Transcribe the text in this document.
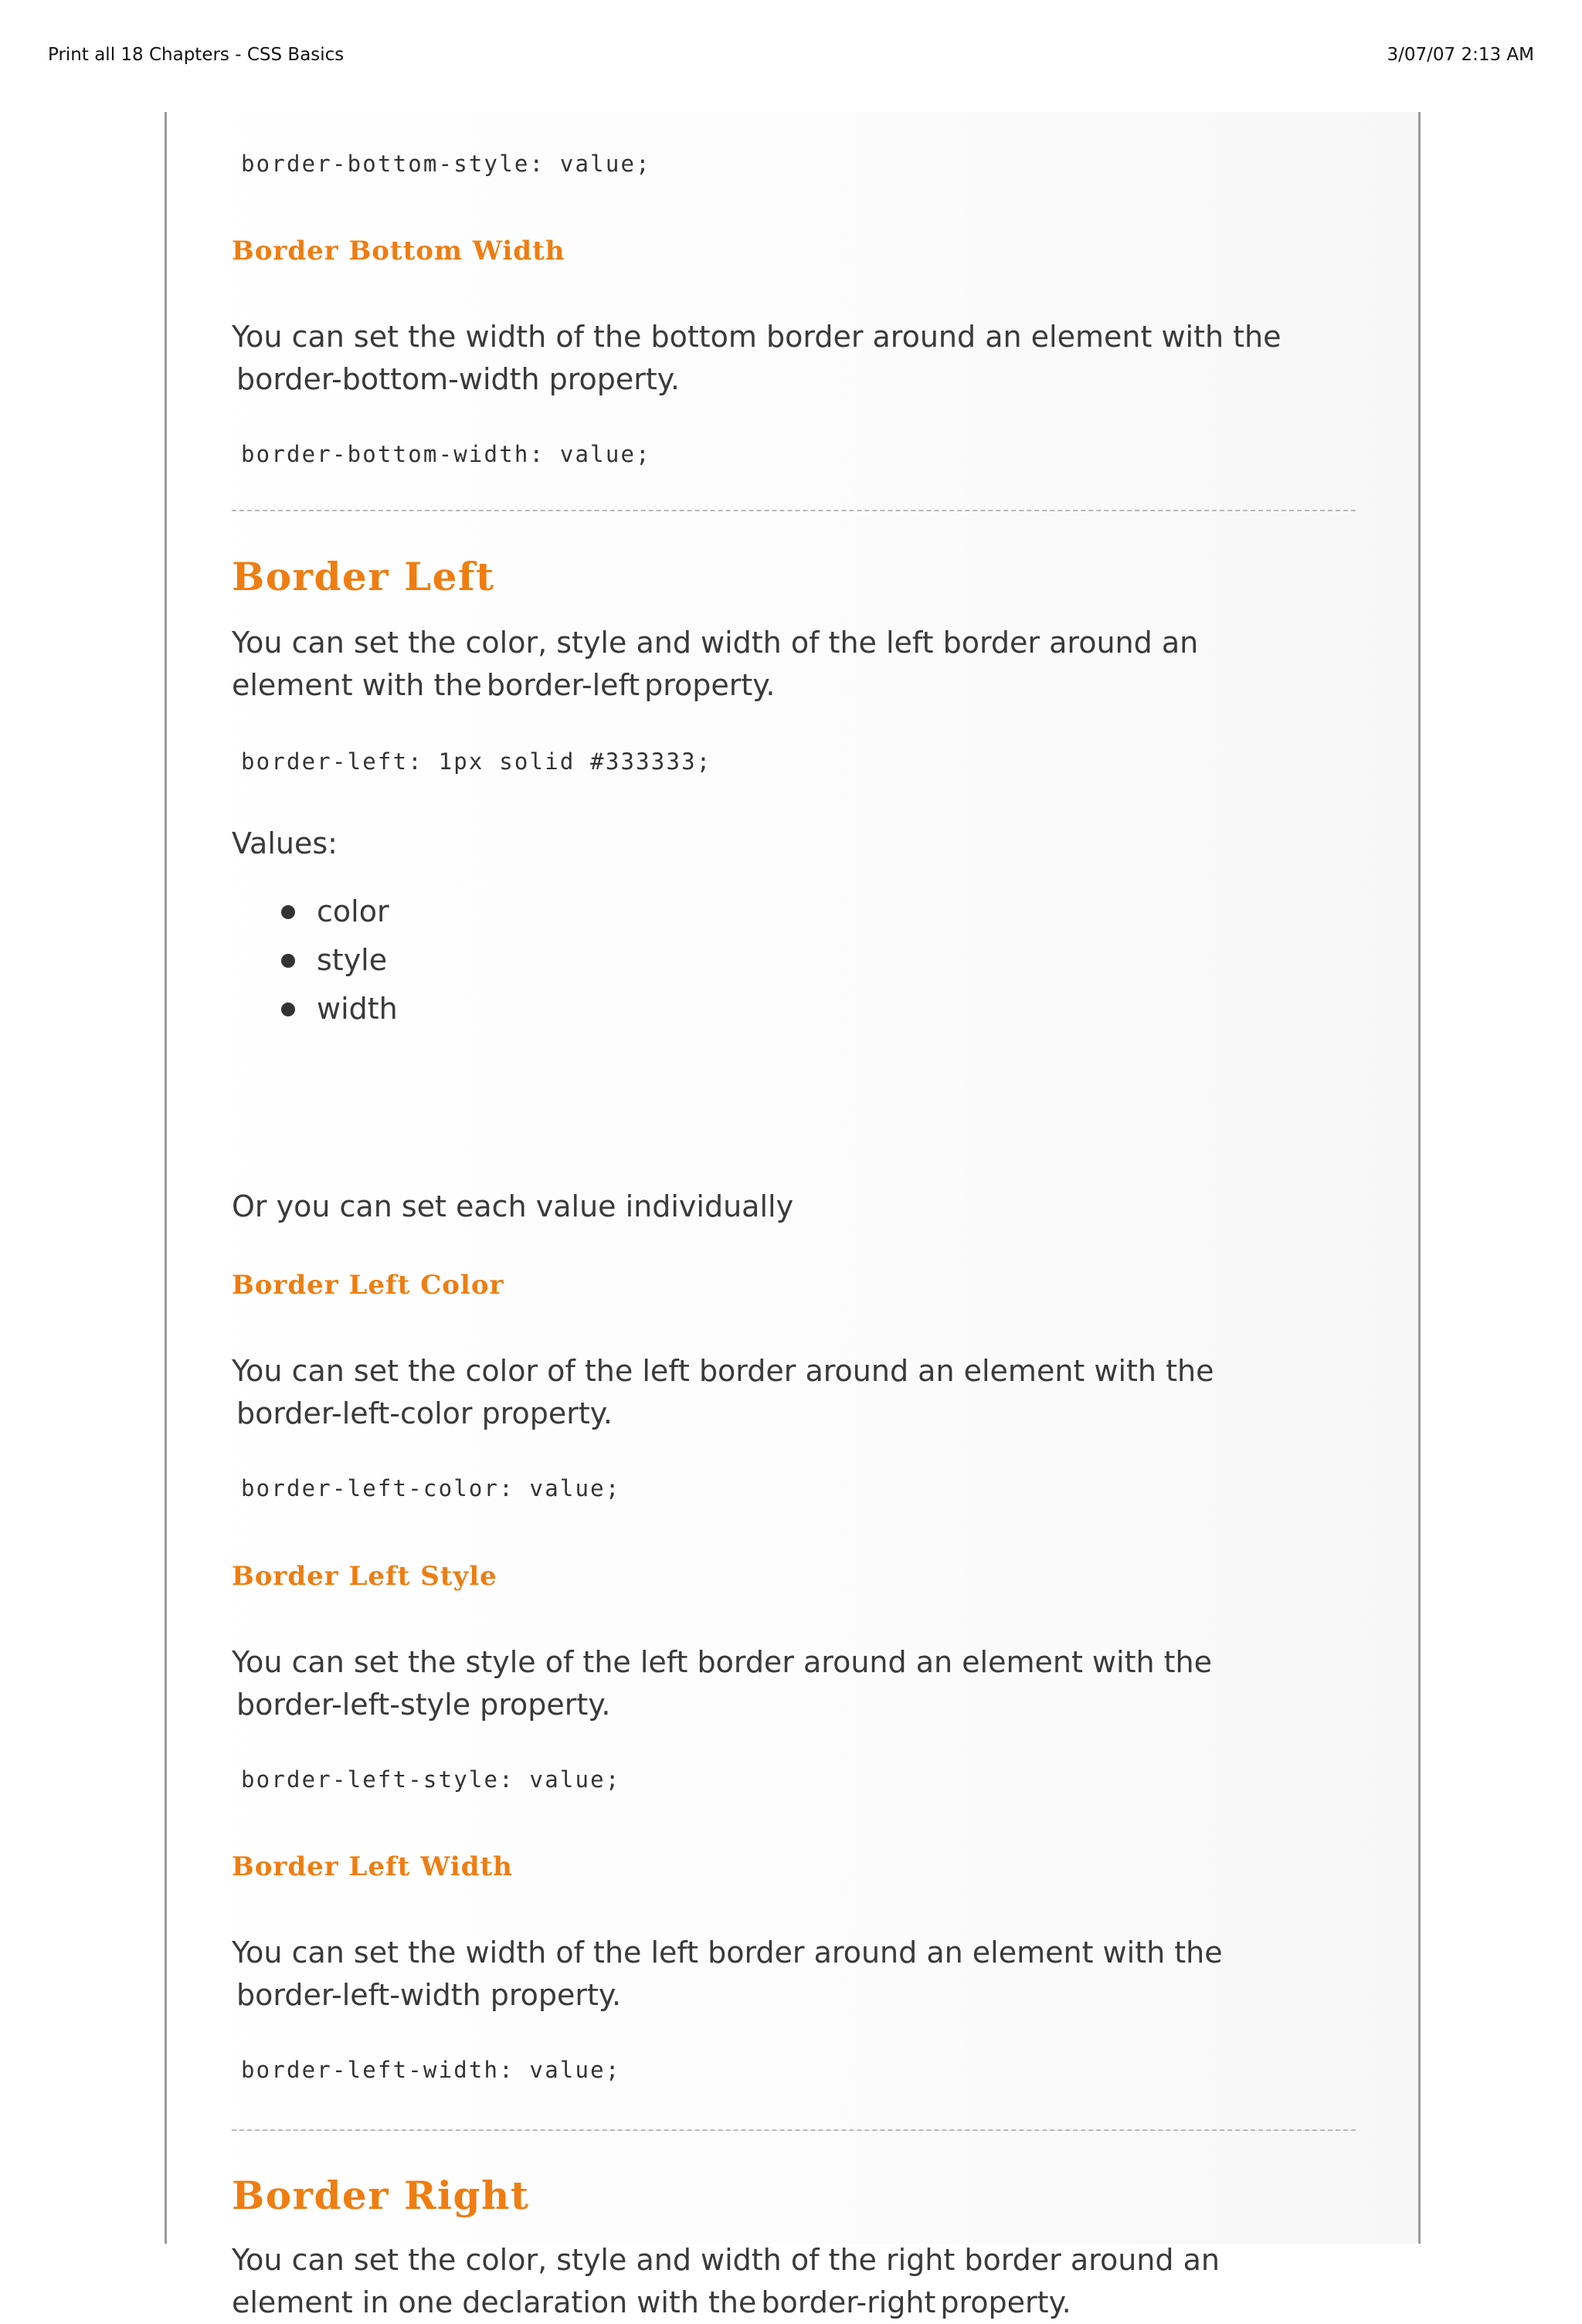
Print all 18 Chapters - CSS Basics	3/07/07 2:13 AM
border-bottom-style: value;
Border Bottom Width
You can set the width of the bottom border around an element with the
border-bottom-width property.
border-bottom-width: value;
Border Left
You can set the color, style and width of the left border around an
element with the border-left property.
border-left: 1px solid #333333;
Values:
color
style
width
Or you can set each value individually
Border Left Color
You can set the color of the left border around an element with the
border-left-color property.
border-left-color: value;
Border Left Style
You can set the style of the left border around an element with the
border-left-style property.
border-left-style: value;
Border Left Width
You can set the width of the left border around an element with the
border-left-width property.
border-left-width: value;
Border Right
You can set the color, style and width of the right border around an
element in one declaration with the border-right property.
